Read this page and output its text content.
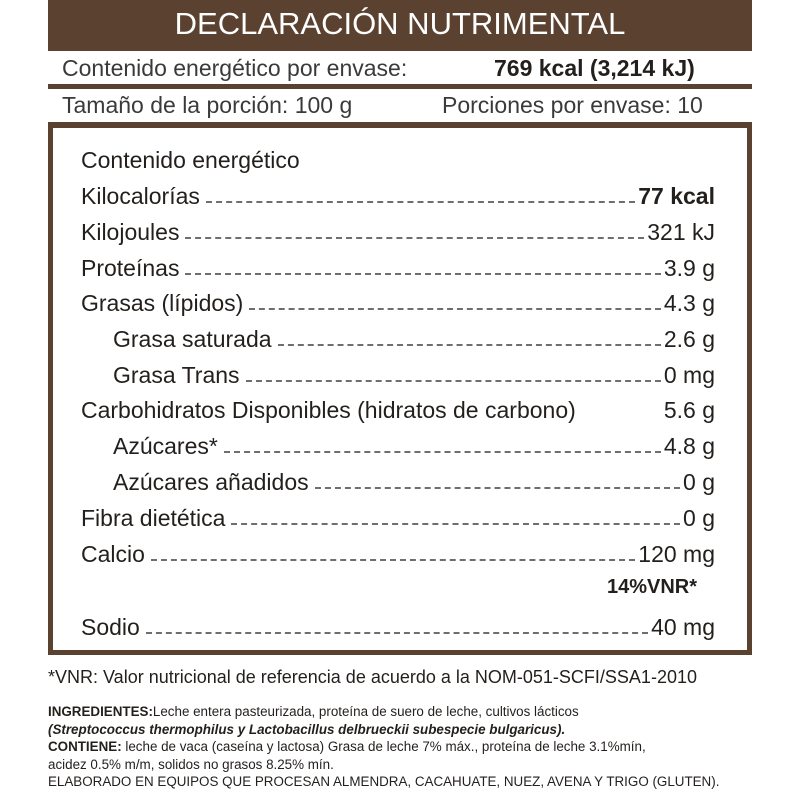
DECLARACIÓN NUTRIMENTAL
Contenido energético por envase:	769 kcal (3,214 kJ)
Tamaño de la porción: 100 g	Porciones por envase: 10
Contenido energético
Kilocalorías	77 kcal
Kilojoules	321 kJ
Proteínas	3.9 g
Grasas (lípidos)	4.3 g
Grasa saturada	2.6 g
Grasa Trans	0 mg
Carbohidratos Disponibles (hidratos de carbono)	5.6 g
Azúcares*	4.8 g
Azúcares añadidos	0 g
Fibra dietética	0 g
Calcio	120 mg
14%VNR*
Sodio	40 mg
*VNR: Valor nutricional de referencia de acuerdo a la NOM-051-SCFI/SSA1-2010
INGREDIENTES:Leche entera pasteurizada, proteína de suero de leche, cultivos lácticos
(Streptococcus thermophilus y Lactobacillus delbrueckii subespecie bulgaricus).
CONTIENE: leche de vaca (caseína y lactosa) Grasa de leche 7% máx., proteína de leche 3.1%mín,
acidez 0.5% m/m, solidos no grasos 8.25% mín.
ELABORADO EN EQUIPOS QUE PROCESAN ALMENDRA, CACAHUATE, NUEZ, AVENA Y TRIGO (GLUTEN).
